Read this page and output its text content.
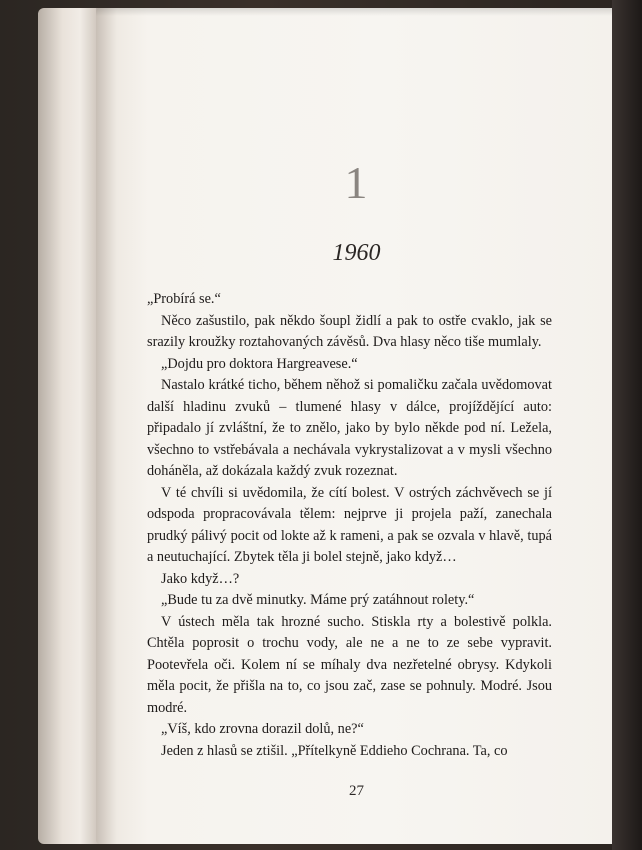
1
1960

„Probírá se.“

Něco zašustilo, pak někdo šoupl židlí a pak to ostře cvaklo, jak se srazily kroužky roztahovaných závěsů. Dva hlasy něco tiše mumlaly.

„Dojdu pro doktora Hargreavese.“

Nastalo krátké ticho, během něhož si pomaličku začala uvědomovat další hladinu zvuků – tlumené hlasy v dálce, projíždějící auto: připadalo jí zvláštní, že to znělo, jako by bylo někde pod ní. Ležela, všechno to vstřebávala a nechávala vykrystalizovat a v mysli všechno doháněla, až dokázala každý zvuk rozeznat.

V té chvíli si uvědomila, že cítí bolest. V ostrých záchvěvech se jí odspoda propracovávala tělem: nejprve ji projela paží, zanechala prudký pálivý pocit od lokte až k rameni, a pak se ozvala v hlavě, tupá a neutuchající. Zbytek těla ji bolel stejně, jako když…

Jako když…?

„Bude tu za dvě minutky. Máme prý zatáhnout rolety.“

V ústech měla tak hrozné sucho. Stiskla rty a bolestivě polkla. Chtěla poprosit o trochu vody, ale ne a ne to ze sebe vypravit. Pootevřela oči. Kolem ní se míhaly dva nezřetelné obrysy. Kdykoli měla pocit, že přišla na to, co jsou zač, zase se pohnuly. Modré. Jsou modré.

„Víš, kdo zrovna dorazil dolů, ne?“

Jeden z hlasů se ztišil. „Přítelkyně Eddieho Cochrana. Ta, co

27
